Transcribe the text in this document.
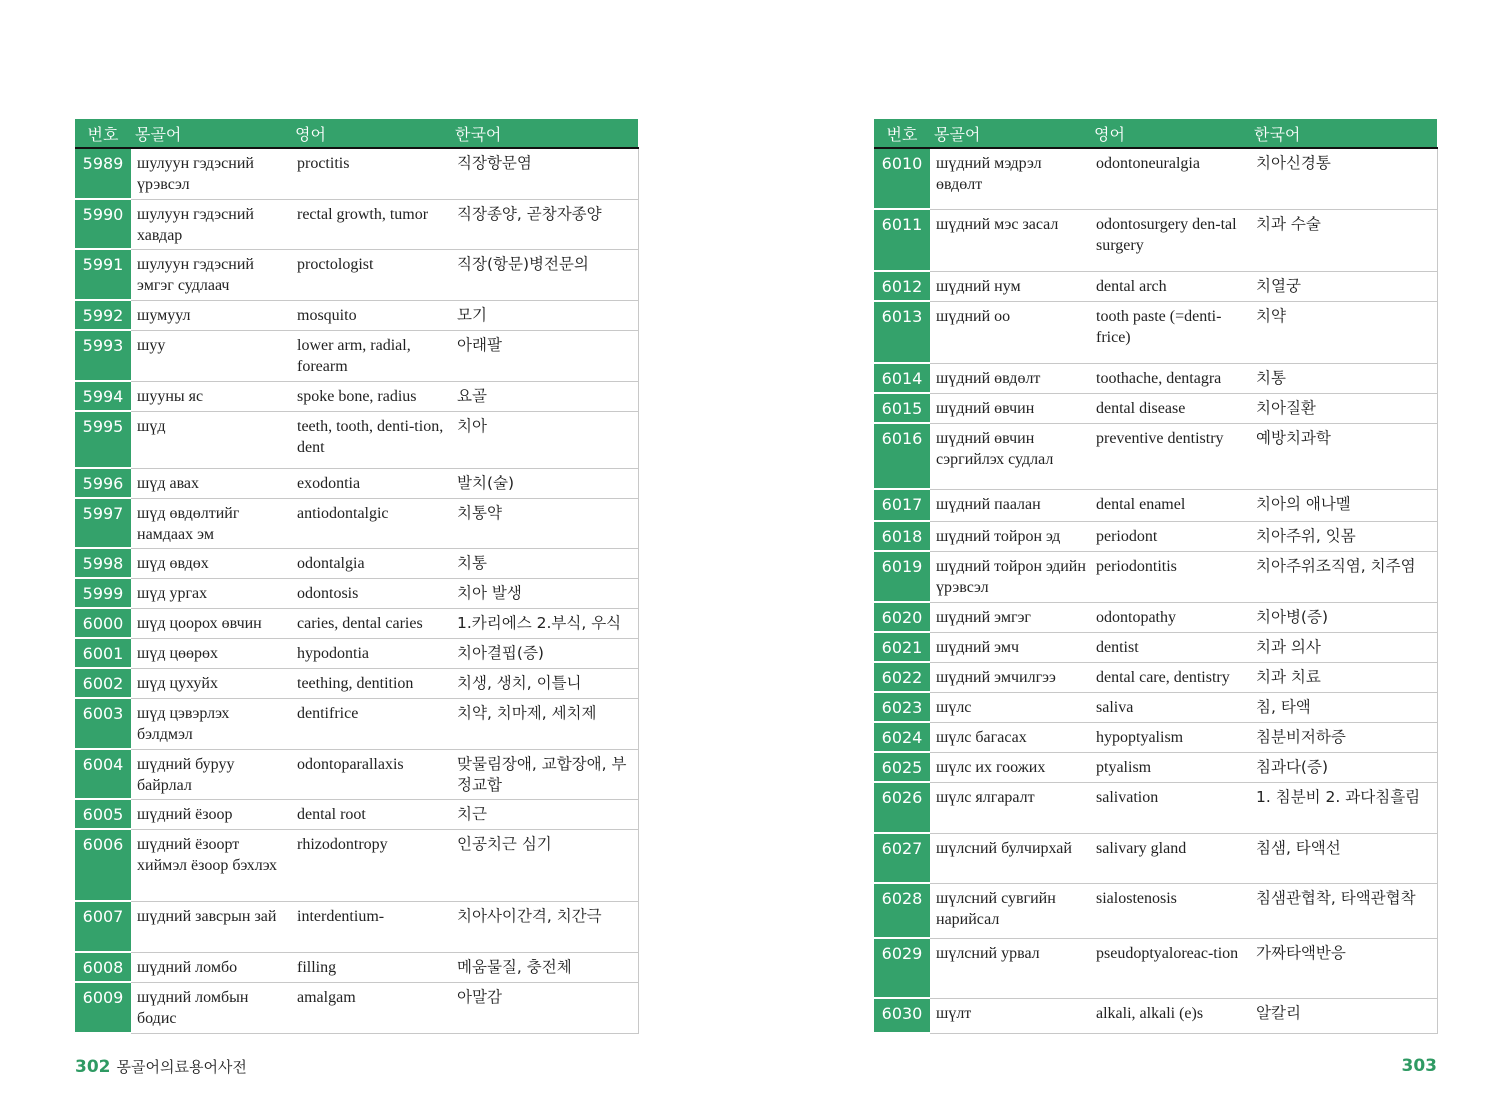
번호	몽골어	영어	한국어
5989	шулуун гэдэсний үрэвсэл	proctitis	직장항문염
5990	шулуун гэдэсний хавдар	rectal growth, tumor	직장종양, 곧창자종양
5991	шулуун гэдэсний эмгэг судлаач	proctologist	직장(항문)병전문의
5992	шумуул	mosquito	모기
5993	шуу	lower arm, radial, forearm	아래팔
5994	шууны яс	spoke bone, radius	요골
5995	шүд	teeth, tooth, denti-tion, dent	치아
5996	шүд авах	exodontia	발치(술)
5997	шүд өвдөлтийг намдаах эм	antiodontalgic	치통약
5998	шүд өвдөх	odontalgia	치통
5999	шүд ургах	odontosis	치아 발생
6000	шүд цоорох өвчин	caries, dental caries	1.카리에스 2.부식, 우식
6001	шүд цөөрөх	hypodontia	치아결핍(증)
6002	шүд цухуйх	teething, dentition	치생, 생치, 이틀니
6003	шүд цэвэрлэх бэлдмэл	dentifrice	치약, 치마제, 세치제
6004	шүдний буруу байрлал	odontoparallaxis	맞물림장애, 교합장애, 부정교합
6005	шүдний ёзоор	dental root	치근
6006	шүдний ёзоорт хиймэл ёзоор бэхлэх	rhizodontropy	인공치근 심기
6007	шүдний завсрын зай	interdentium-	치아사이간격, 치간극
6008	шүдний ломбо	filling	메움물질, 충전체
6009	шүдний ломбын бодис	amalgam	아말감
번호	몽골어	영어	한국어
6010	шүдний мэдрэл өвдөлт	odontoneuralgia	치아신경통
6011	шүдний мэс засал	odontosurgery den-tal surgery	치과 수술
6012	шүдний нум	dental arch	치열궁
6013	шүдний оо	tooth paste (=denti-frice)	치약
6014	шүдний өвдөлт	toothache, dentagra	치통
6015	шүдний өвчин	dental disease	치아질환
6016	шүдний өвчин сэргийлэх судлал	preventive dentistry	예방치과학
6017	шүдний паалан	dental enamel	치아의 애나멜
6018	шүдний тойрон эд	periodont	치아주위, 잇몸
6019	шүдний тойрон эдийн үрэвсэл	periodontitis	치아주위조직염, 치주염
6020	шүдний эмгэг	odontopathy	치아병(증)
6021	шүдний эмч	dentist	치과 의사
6022	шүдний эмчилгээ	dental care, dentistry	치과 치료
6023	шүлс	saliva	침, 타액
6024	шүлс багасах	hypoptyalism	침분비저하증
6025	шүлс их гоожих	ptyalism	침과다(증)
6026	шүлс ялгаралт	salivation	1. 침분비 2. 과다침흘림
6027	шүлсний булчирхай	salivary gland	침샘, 타액선
6028	шүлсний сувгийн нарийсал	sialostenosis	침샘관협착, 타액관협착
6029	шүлсний урвал	pseudoptyaloreac-tion	가짜타액반응
6030	шүлт	alkali, alkali (e)s	알칼리
302 몽골어의료용어사전	303
